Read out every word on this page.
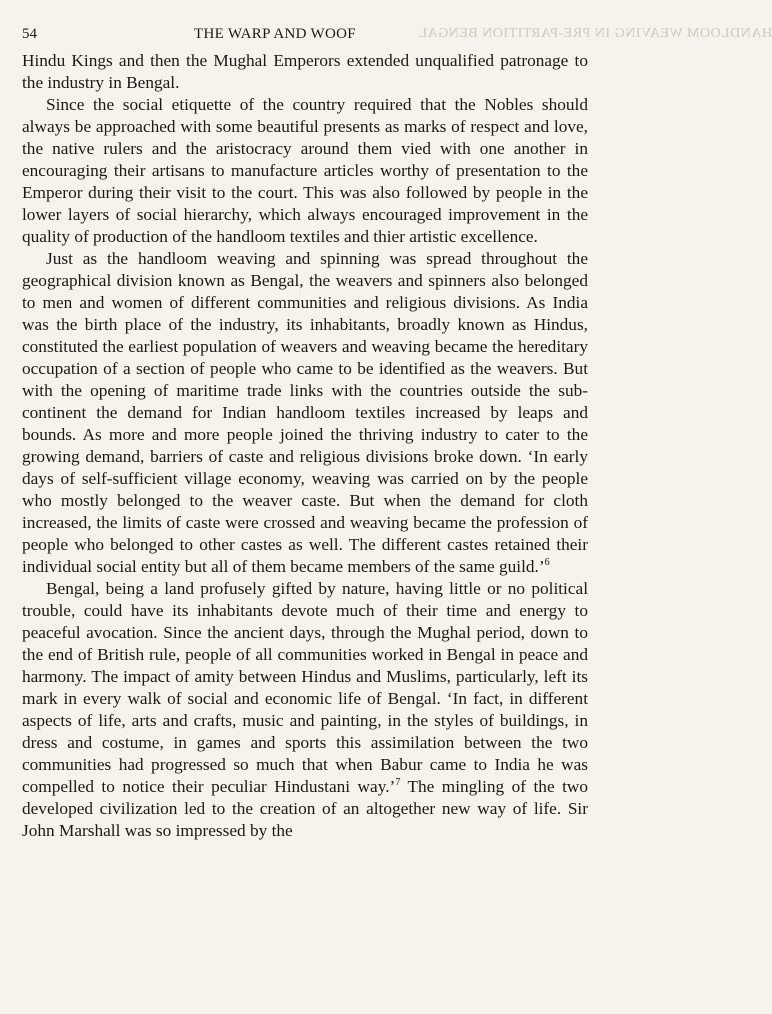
54	THE WARP AND WOOF	HANDLOOM WEAVING IN PRE-PARTITION BENGAL

Hindu Kings and then the Mughal Emperors extended unqualified patronage to the industry in Bengal.

Since the social etiquette of the country required that the Nobles should always be approached with some beautiful presents as marks of respect and love, the native rulers and the aristocracy around them vied with one another in encouraging their artisans to manufacture articles worthy of presentation to the Emperor during their visit to the court. This was also followed by people in the lower layers of social hierarchy, which always encouraged improvement in the quality of production of the handloom textiles and thier artistic excellence.

Just as the handloom weaving and spinning was spread throughout the geographical division known as Bengal, the weavers and spinners also belonged to men and women of different communities and religious divisions. As India was the birth place of the industry, its inhabitants, broadly known as Hindus, constituted the earliest population of weavers and weaving became the hereditary occupation of a section of people who came to be identified as the weavers. But with the opening of maritime trade links with the countries outside the sub-continent the demand for Indian handloom textiles increased by leaps and bounds. As more and more people joined the thriving industry to cater to the growing demand, barriers of caste and religious divisions broke down. ‘In early days of self-sufficient village economy, weaving was carried on by the people who mostly belonged to the weaver caste. But when the demand for cloth increased, the limits of caste were crossed and weaving became the profession of people who belonged to other castes as well. The different castes retained their individual social entity but all of them became members of the same guild.’$^6$

Bengal, being a land profusely gifted by nature, having little or no political trouble, could have its inhabitants devote much of their time and energy to peaceful avocation. Since the ancient days, through the Mughal period, down to the end of British rule, people of all communities worked in Bengal in peace and harmony. The impact of amity between Hindus and Muslims, particularly, left its mark in every walk of social and economic life of Bengal. ‘In fact, in different aspects of life, arts and crafts, music and painting, in the styles of buildings, in dress and costume, in games and sports this assimilation between the two communities had progressed so much that when Babur came to India he was compelled to notice their peculiar Hindustani way.’$^7$ The mingling of the two developed civilization led to the creation of an altogether new way of life. Sir John Marshall was so impressed by the
